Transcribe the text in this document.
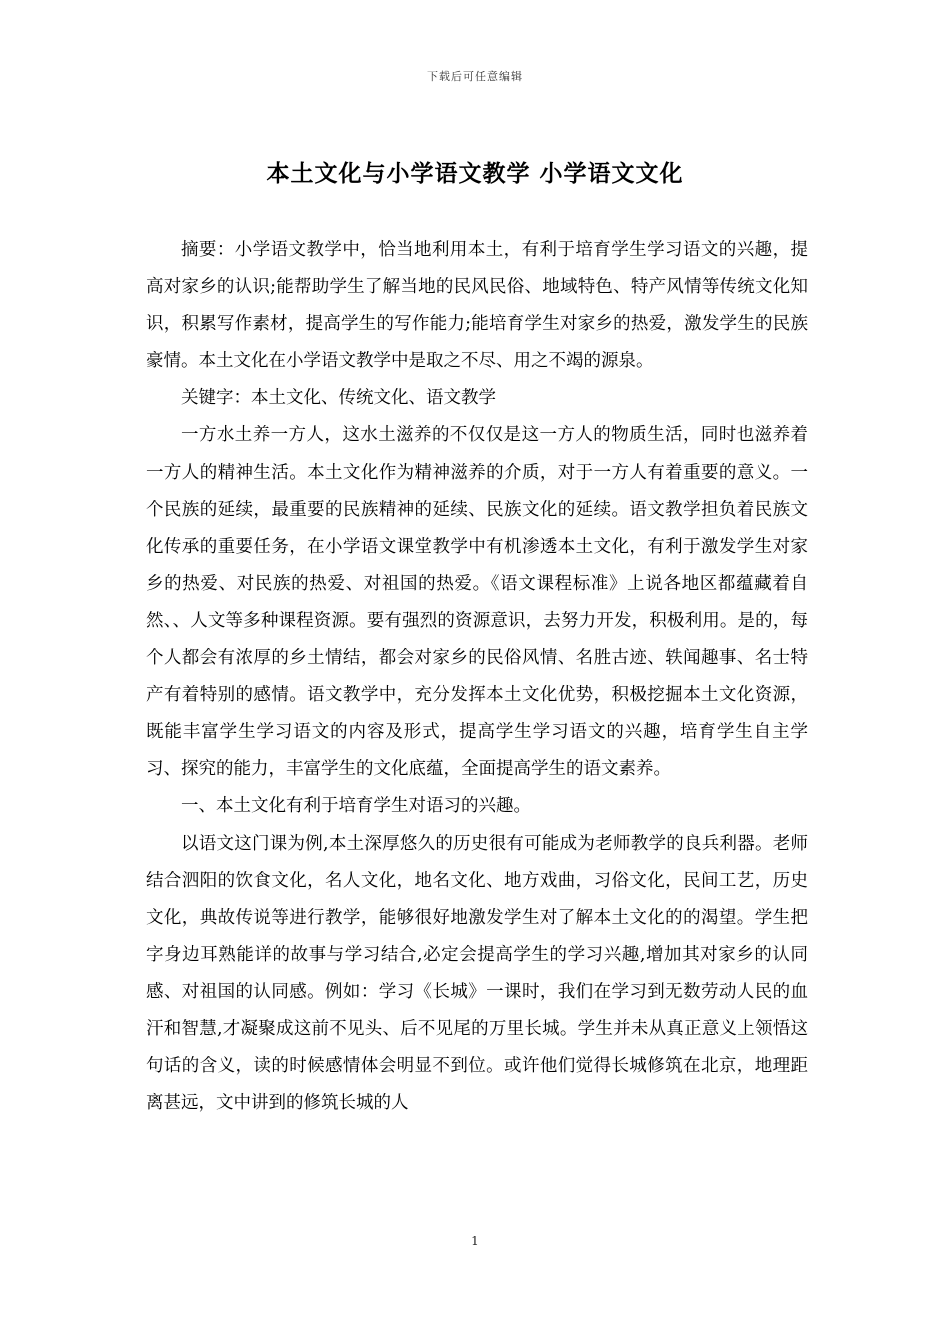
下载后可任意编辑
本土文化与小学语文教学 小学语文文化

摘要：小学语文教学中，恰当地利用本土，有利于培育学生学习语文的兴趣，提高对家乡的认识;能帮助学生了解当地的民风民俗、地域特色、特产风情等传统文化知识，积累写作素材，提高学生的写作能力;能培育学生对家乡的热爱，激发学生的民族豪情。本土文化在小学语文教学中是取之不尽、用之不竭的源泉。

关键字：本土文化、传统文化、语文教学

一方水土养一方人，这水土滋养的不仅仅是这一方人的物质生活，同时也滋养着一方人的精神生活。本土文化作为精神滋养的介质，对于一方人有着重要的意义。一个民族的延续，最重要的民族精神的延续、民族文化的延续。语文教学担负着民族文化传承的重要任务，在小学语文课堂教学中有机渗透本土文化，有利于激发学生对家乡的热爱、对民族的热爱、对祖国的热爱。《语文课程标准》上说各地区都蕴藏着自然、、人文等多种课程资源。要有强烈的资源意识，去努力开发，积极利用。是的，每个人都会有浓厚的乡土情结，都会对家乡的民俗风情、名胜古迹、轶闻趣事、名士特产有着特别的感情。语文教学中，充分发挥本土文化优势，积极挖掘本土文化资源，既能丰富学生学习语文的内容及形式，提高学生学习语文的兴趣，培育学生自主学习、探究的能力，丰富学生的文化底蕴，全面提高学生的语文素养。

一、本土文化有利于培育学生对语习的兴趣。

以语文这门课为例,本土深厚悠久的历史很有可能成为老师教学的良兵利器。老师结合泗阳的饮食文化，名人文化，地名文化、地方戏曲，习俗文化，民间工艺，历史文化，典故传说等进行教学，能够很好地激发学生对了解本土文化的的渴望。学生把字身边耳熟能详的故事与学习结合,必定会提高学生的学习兴趣,增加其对家乡的认同感、对祖国的认同感。例如：学习《长城》一课时，我们在学习到无数劳动人民的血汗和智慧,才凝聚成这前不见头、后不见尾的万里长城。学生并未从真正意义上领悟这句话的含义，读的时候感情体会明显不到位。或许他们觉得长城修筑在北京，地理距离甚远，文中讲到的修筑长城的人

1
